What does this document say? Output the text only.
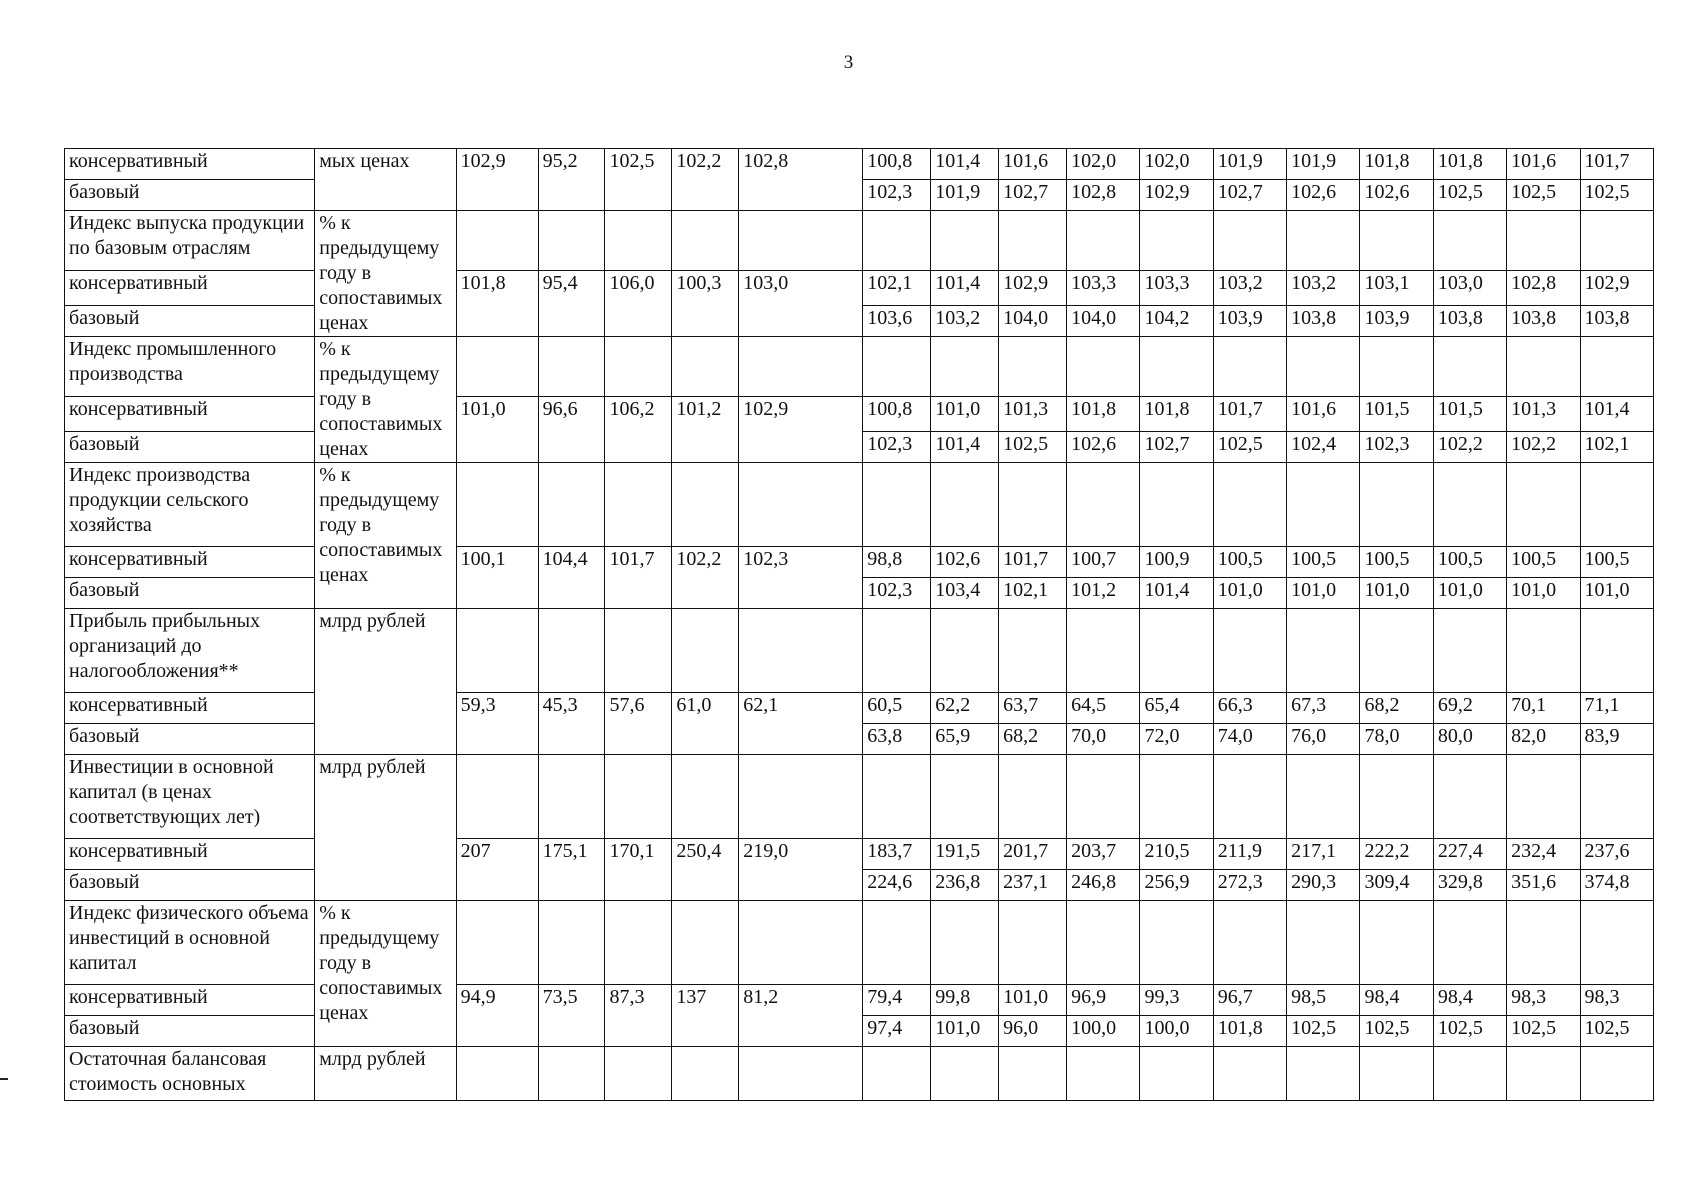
3
консервативный	мых ценах	102,9	95,2	102,5	102,2	102,8	100,8	101,4	101,6	102,0	102,0	101,9	101,9	101,8	101,8	101,6	101,7
базовый							102,3	101,9	102,7	102,8	102,9	102,7	102,6	102,6	102,5	102,5	102,5
Индекс выпуска продукции по базовым отраслям	% к предыдущему году в сопоставимых ценах																
консервативный		101,8	95,4	106,0	100,3	103,0	102,1	101,4	102,9	103,3	103,3	103,2	103,2	103,1	103,0	102,8	102,9
базовый							103,6	103,2	104,0	104,0	104,2	103,9	103,8	103,9	103,8	103,8	103,8
Индекс промышленного производства	% к предыдущему году в сопоставимых ценах																
консервативный		101,0	96,6	106,2	101,2	102,9	100,8	101,0	101,3	101,8	101,8	101,7	101,6	101,5	101,5	101,3	101,4
базовый							102,3	101,4	102,5	102,6	102,7	102,5	102,4	102,3	102,2	102,2	102,1
Индекс производства продукции сельского хозяйства	% к предыдущему году в сопоставимых ценах																
консервативный		100,1	104,4	101,7	102,2	102,3	98,8	102,6	101,7	100,7	100,9	100,5	100,5	100,5	100,5	100,5	100,5
базовый							102,3	103,4	102,1	101,2	101,4	101,0	101,0	101,0	101,0	101,0	101,0
Прибыль прибыльных организаций до налогообложения**	млрд рублей																
консервативный		59,3	45,3	57,6	61,0	62,1	60,5	62,2	63,7	64,5	65,4	66,3	67,3	68,2	69,2	70,1	71,1
базовый							63,8	65,9	68,2	70,0	72,0	74,0	76,0	78,0	80,0	82,0	83,9
Инвестиции в основной капитал (в ценах соответствующих лет)	млрд рублей																
консервативный		207	175,1	170,1	250,4	219,0	183,7	191,5	201,7	203,7	210,5	211,9	217,1	222,2	227,4	232,4	237,6
базовый							224,6	236,8	237,1	246,8	256,9	272,3	290,3	309,4	329,8	351,6	374,8
Индекс физического объема инвестиций в основной капитал	% к предыдущему году в сопоставимых ценах																
консервативный		94,9	73,5	87,3	137	81,2	79,4	99,8	101,0	96,9	99,3	96,7	98,5	98,4	98,4	98,3	98,3
базовый							97,4	101,0	96,0	100,0	100,0	101,8	102,5	102,5	102,5	102,5	102,5
Остаточная балансовая стоимость основных	млрд рублей																
